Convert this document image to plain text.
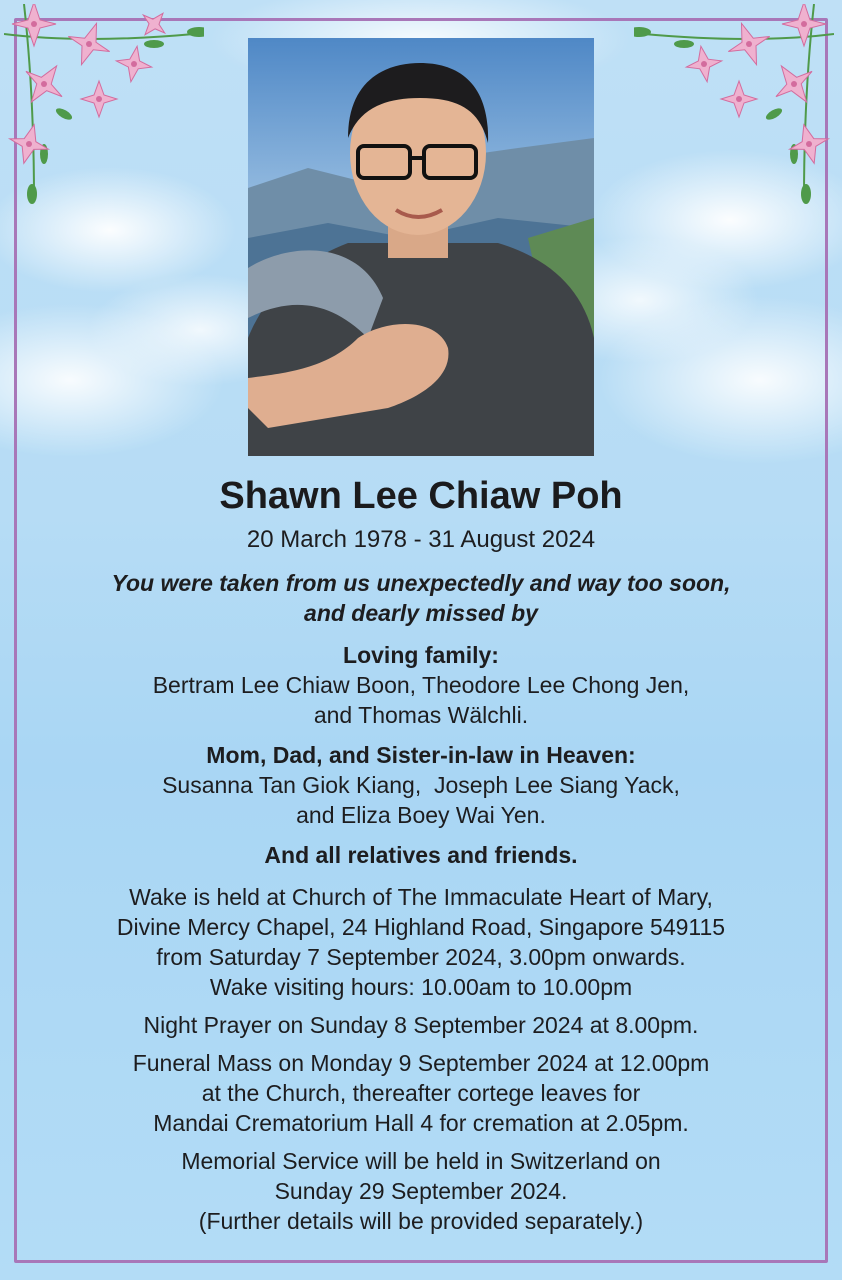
Shawn Lee Chiaw Poh

20 March 1978 - 31 August 2024

You were taken from us unexpectedly and way too soon,
and dearly missed by

Loving family:

Bertram Lee Chiaw Boon, Theodore Lee Chong Jen,
and Thomas Wälchli.

Mom, Dad, and Sister-in-law in Heaven:

Susanna Tan Giok Kiang,  Joseph Lee Siang Yack,
and Eliza Boey Wai Yen.

And all relatives and friends.

Wake is held at Church of The Immaculate Heart of Mary,
Divine Mercy Chapel, 24 Highland Road, Singapore 549115
from Saturday 7 September 2024, 3.00pm onwards.
Wake visiting hours: 10.00am to 10.00pm

Night Prayer on Sunday 8 September 2024 at 8.00pm.

Funeral Mass on Monday 9 September 2024 at 12.00pm
at the Church, thereafter cortege leaves for
Mandai Crematorium Hall 4 for cremation at 2.05pm.

Memorial Service will be held in Switzerland on
Sunday 29 September 2024.
(Further details will be provided separately.)
